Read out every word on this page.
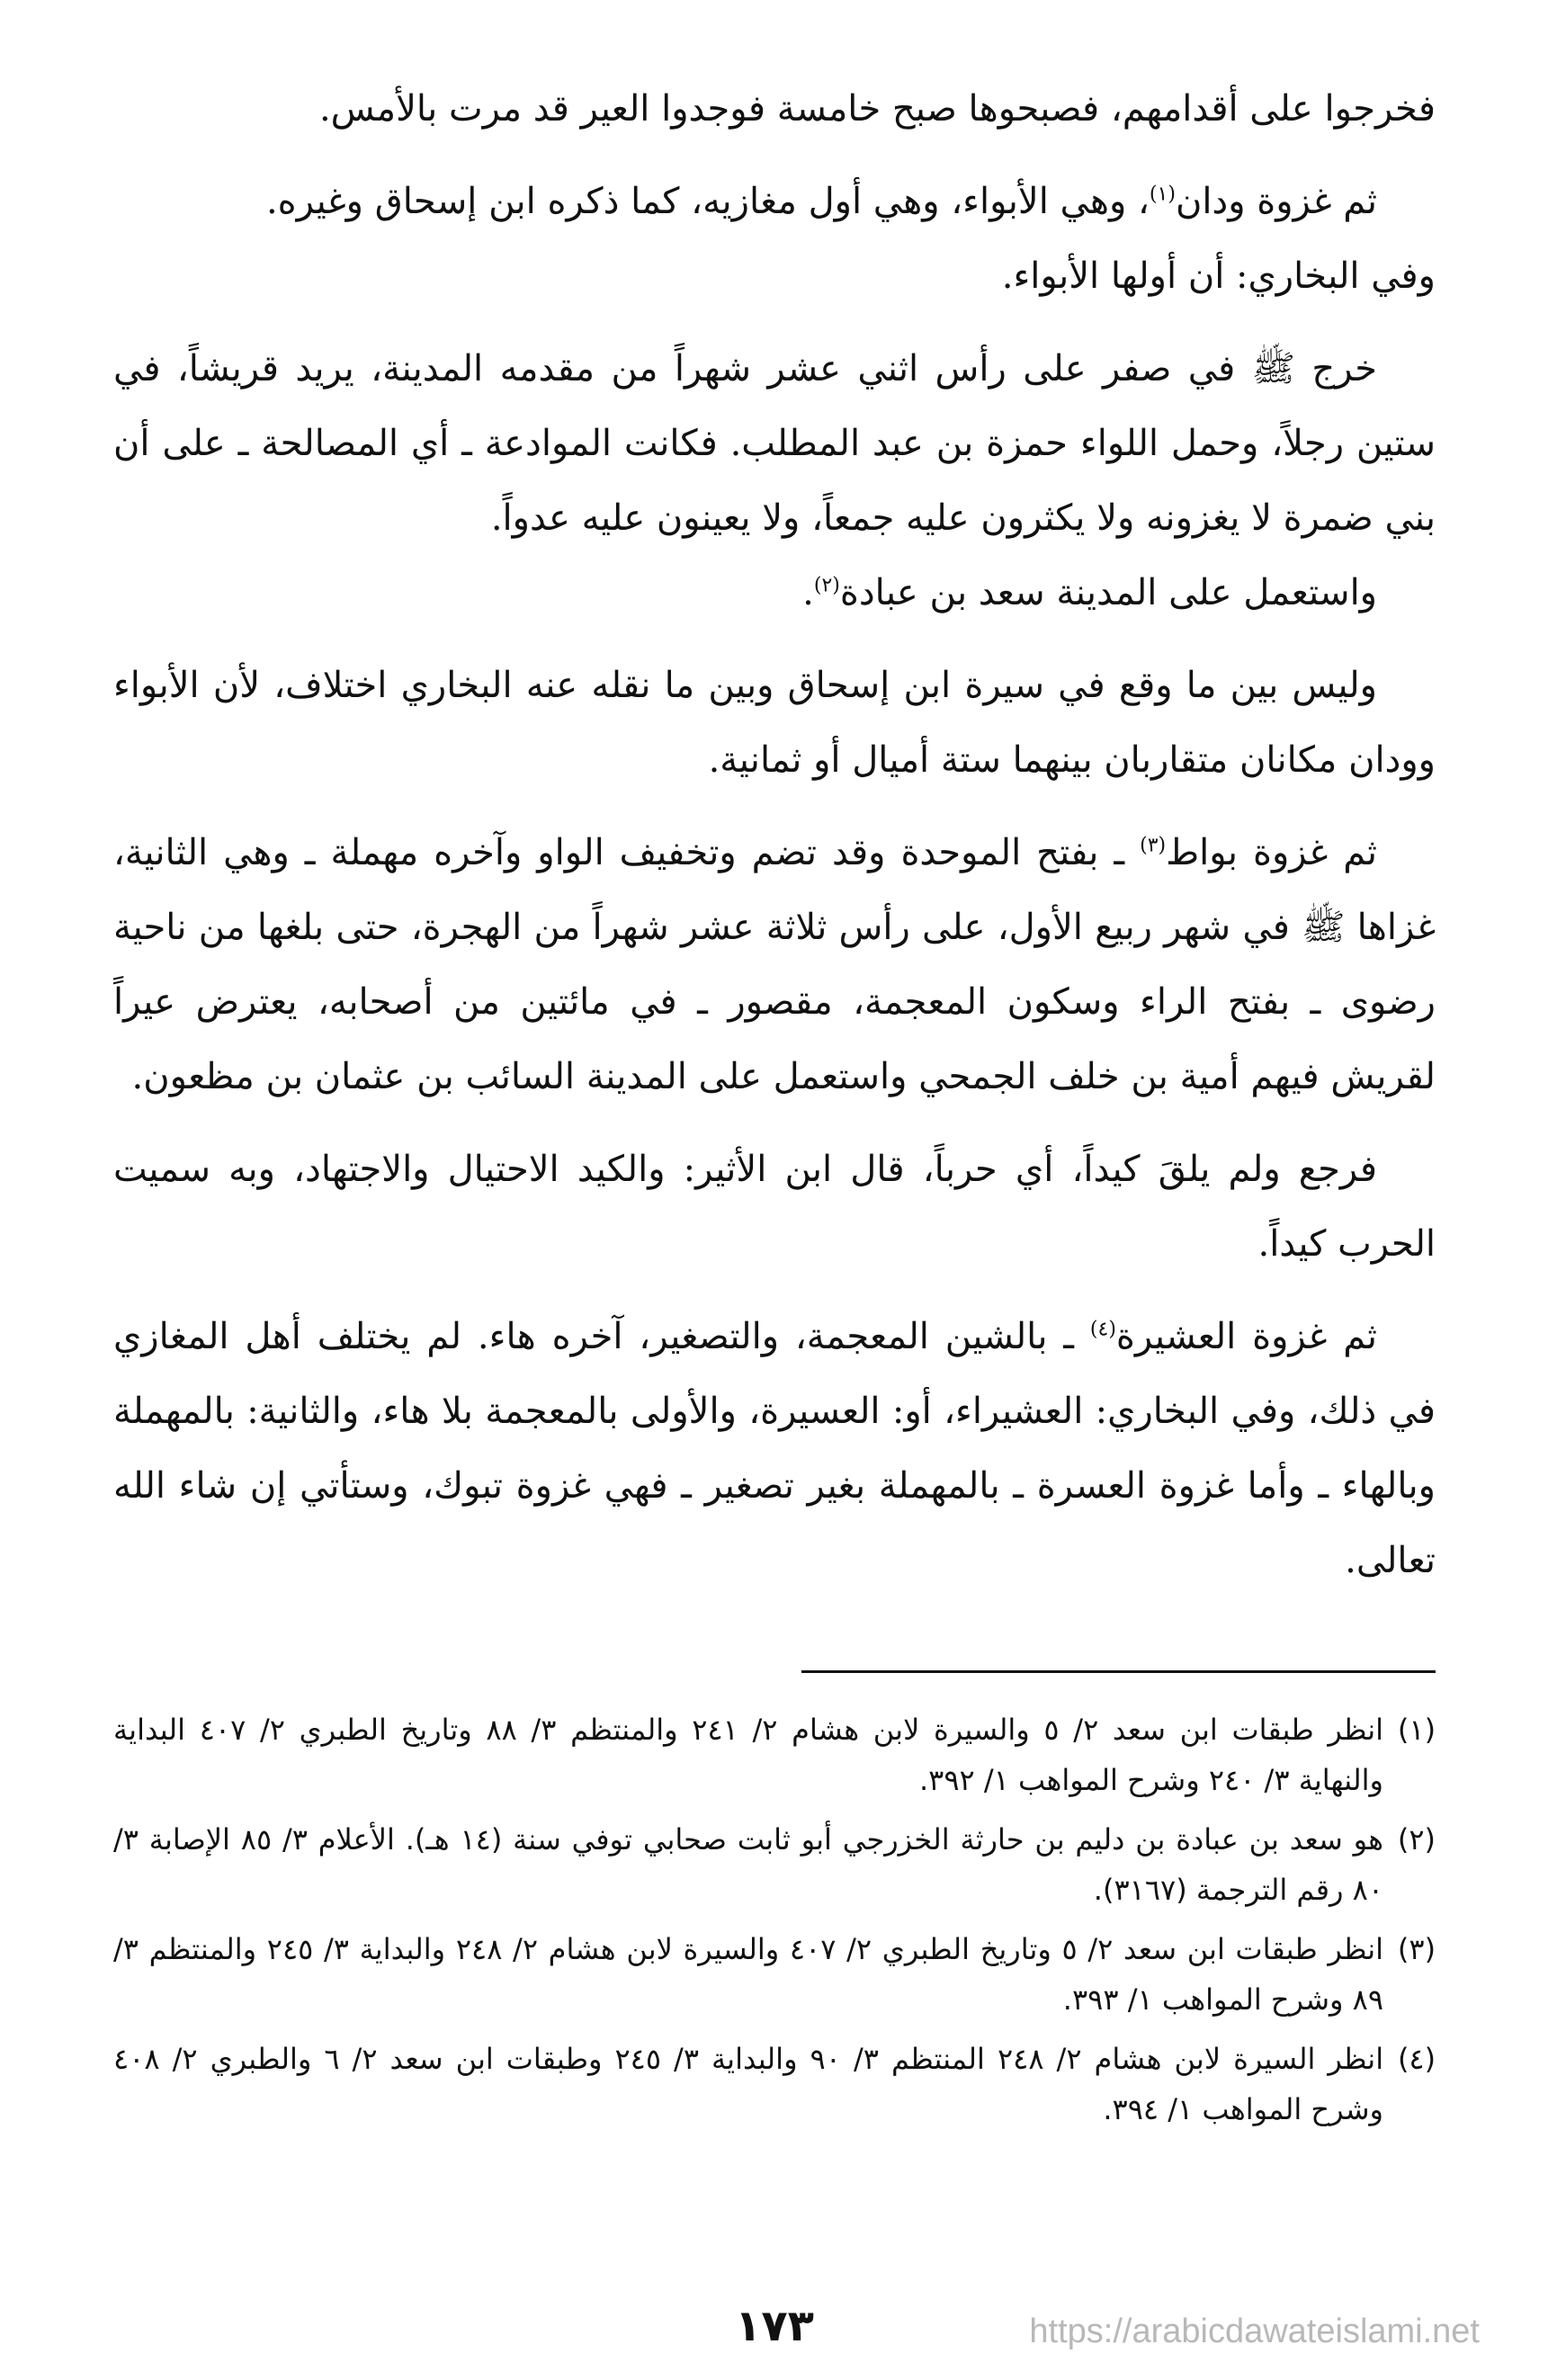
فخرجوا على أقدامهم، فصبحوها صبح خامسة فوجدوا العير قد مرت بالأمس.

ثم غزوة ودان$^{(١)}$، وهي الأبواء، وهي أول مغازيه، كما ذكره ابن إسحاق وغيره.

وفي البخاري: أن أولها الأبواء.

خرج ﷺ في صفر على رأس اثني عشر شهراً من مقدمه المدينة، يريد قريشاً، في ستين رجلاً، وحمل اللواء حمزة بن عبد المطلب. فكانت الموادعة ـ أي المصالحة ـ على أن بني ضمرة لا يغزونه ولا يكثرون عليه جمعاً، ولا يعينون عليه عدواً.

واستعمل على المدينة سعد بن عبادة$^{(٢)}$.

وليس بين ما وقع في سيرة ابن إسحاق وبين ما نقله عنه البخاري اختلاف، لأن الأبواء وودان مكانان متقاربان بينهما ستة أميال أو ثمانية.

ثم غزوة بواط$^{(٣)}$ ـ بفتح الموحدة وقد تضم وتخفيف الواو وآخره مهملة ـ وهي الثانية، غزاها ﷺ في شهر ربيع الأول، على رأس ثلاثة عشر شهراً من الهجرة، حتى بلغها من ناحية رضوى ـ بفتح الراء وسكون المعجمة، مقصور ـ في مائتين من أصحابه، يعترض عيراً لقريش فيهم أمية بن خلف الجمحي واستعمل على المدينة السائب بن عثمان بن مظعون.

فرجع ولم يلقَ كيداً، أي حرباً، قال ابن الأثير: والكيد الاحتيال والاجتهاد، وبه سميت الحرب كيداً.

ثم غزوة العشيرة$^{(٤)}$ ـ بالشين المعجمة، والتصغير، آخره هاء. لم يختلف أهل المغازي في ذلك، وفي البخاري: العشيراء، أو: العسيرة، والأولى بالمعجمة بلا هاء، والثانية: بالمهملة وبالهاء ـ وأما غزوة العسرة ـ بالمهملة بغير تصغير ـ فهي غزوة تبوك، وستأتي إن شاء الله تعالى.

(١)انظر طبقات ابن سعد ٢/ ٥ والسيرة لابن هشام ٢/ ٢٤١ والمنتظم ٣/ ٨٨ وتاريخ الطبري ٢/ ٤٠٧ البداية والنهاية ٣/ ٢٤٠ وشرح المواهب ١/ ٣٩٢.

(٢)هو سعد بن عبادة بن دليم بن حارثة الخزرجي أبو ثابت صحابي توفي سنة (١٤ هـ). الأعلام ٣/ ٨٥ الإصابة ٣/ ٨٠ رقم الترجمة (٣١٦٧).

(٣)انظر طبقات ابن سعد ٢/ ٥ وتاريخ الطبري ٢/ ٤٠٧ والسيرة لابن هشام ٢/ ٢٤٨ والبداية ٣/ ٢٤٥ والمنتظم ٣/ ٨٩ وشرح المواهب ١/ ٣٩٣.

(٤)انظر السيرة لابن هشام ٢/ ٢٤٨ المنتظم ٣/ ٩٠ والبداية ٣/ ٢٤٥ وطبقات ابن سعد ٢/ ٦ والطبري ٢/ ٤٠٨ وشرح المواهب ١/ ٣٩٤.

١٧٣	https://arabicdawateislami.net
